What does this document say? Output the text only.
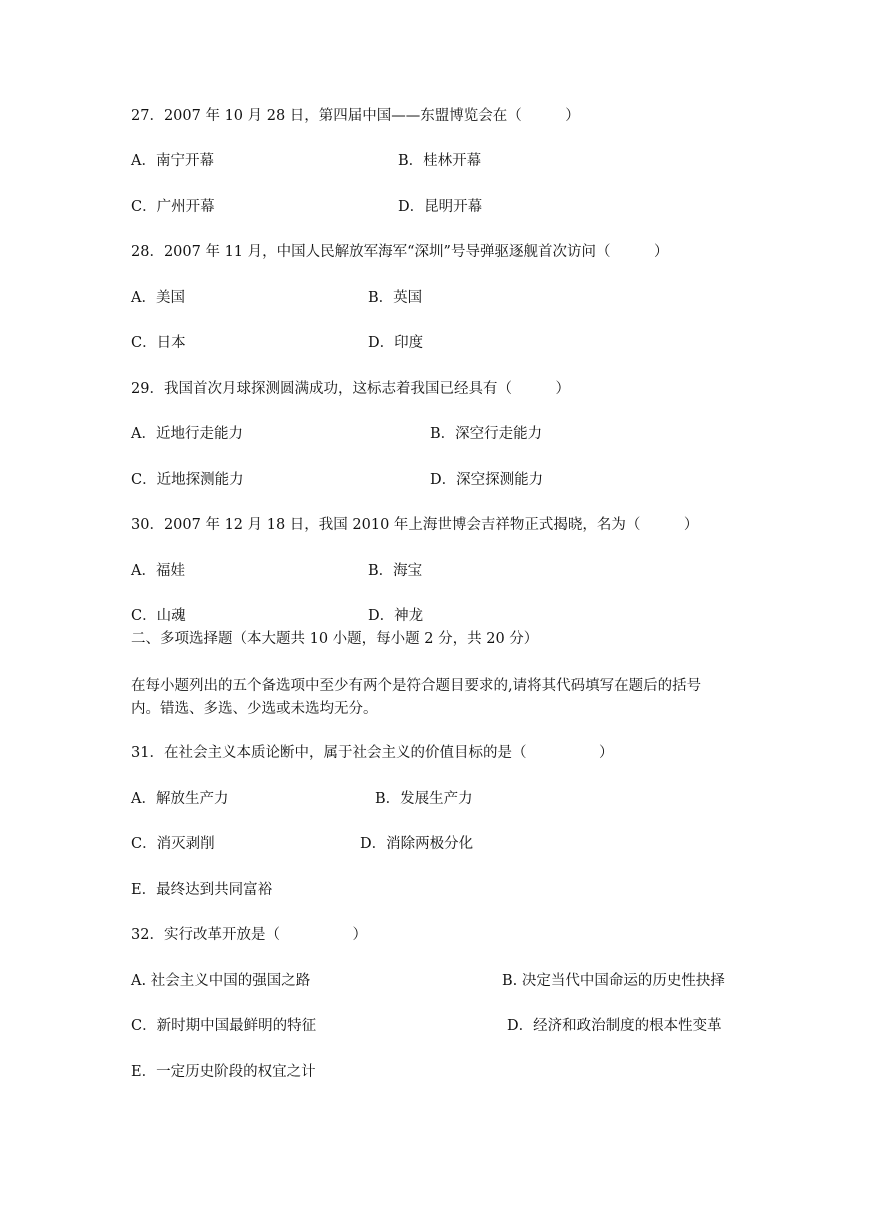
27．2007 年 10 月 28 日，第四届中国——东盟博览会在（　　　）
A．南宁开幕	B．桂林开幕
C．广州开幕	D．昆明开幕
28．2007 年 11 月，中国人民解放军海军“深圳”号导弹驱逐舰首次访问（　　　）
A．美国	B．英国
C．日本	D．印度
29．我国首次月球探测圆满成功，这标志着我国已经具有（　　　）
A．近地行走能力	B．深空行走能力
C．近地探测能力	D．深空探测能力
30．2007 年 12 月 18 日，我国 2010 年上海世博会吉祥物正式揭晓，名为（　　　）
A．福娃	B．海宝
C．山魂	D．神龙
二、多项选择题（本大题共 10 小题，每小题 2 分，共 20 分）
在每小题列出的五个备选项中至少有两个是符合题目要求的,请将其代码填写在题后的括号
内。错选、多选、少选或未选均无分。
31．在社会主义本质论断中，属于社会主义的价值目标的是（　　　　　）
A．解放生产力	B．发展生产力
C．消灭剥削	D．消除两极分化
E．最终达到共同富裕
32．实行改革开放是（　　　　　）
A. 社会主义中国的强国之路	B. 决定当代中国命运的历史性抉择
C．新时期中国最鲜明的特征	D．经济和政治制度的根本性变革
E．一定历史阶段的权宜之计
